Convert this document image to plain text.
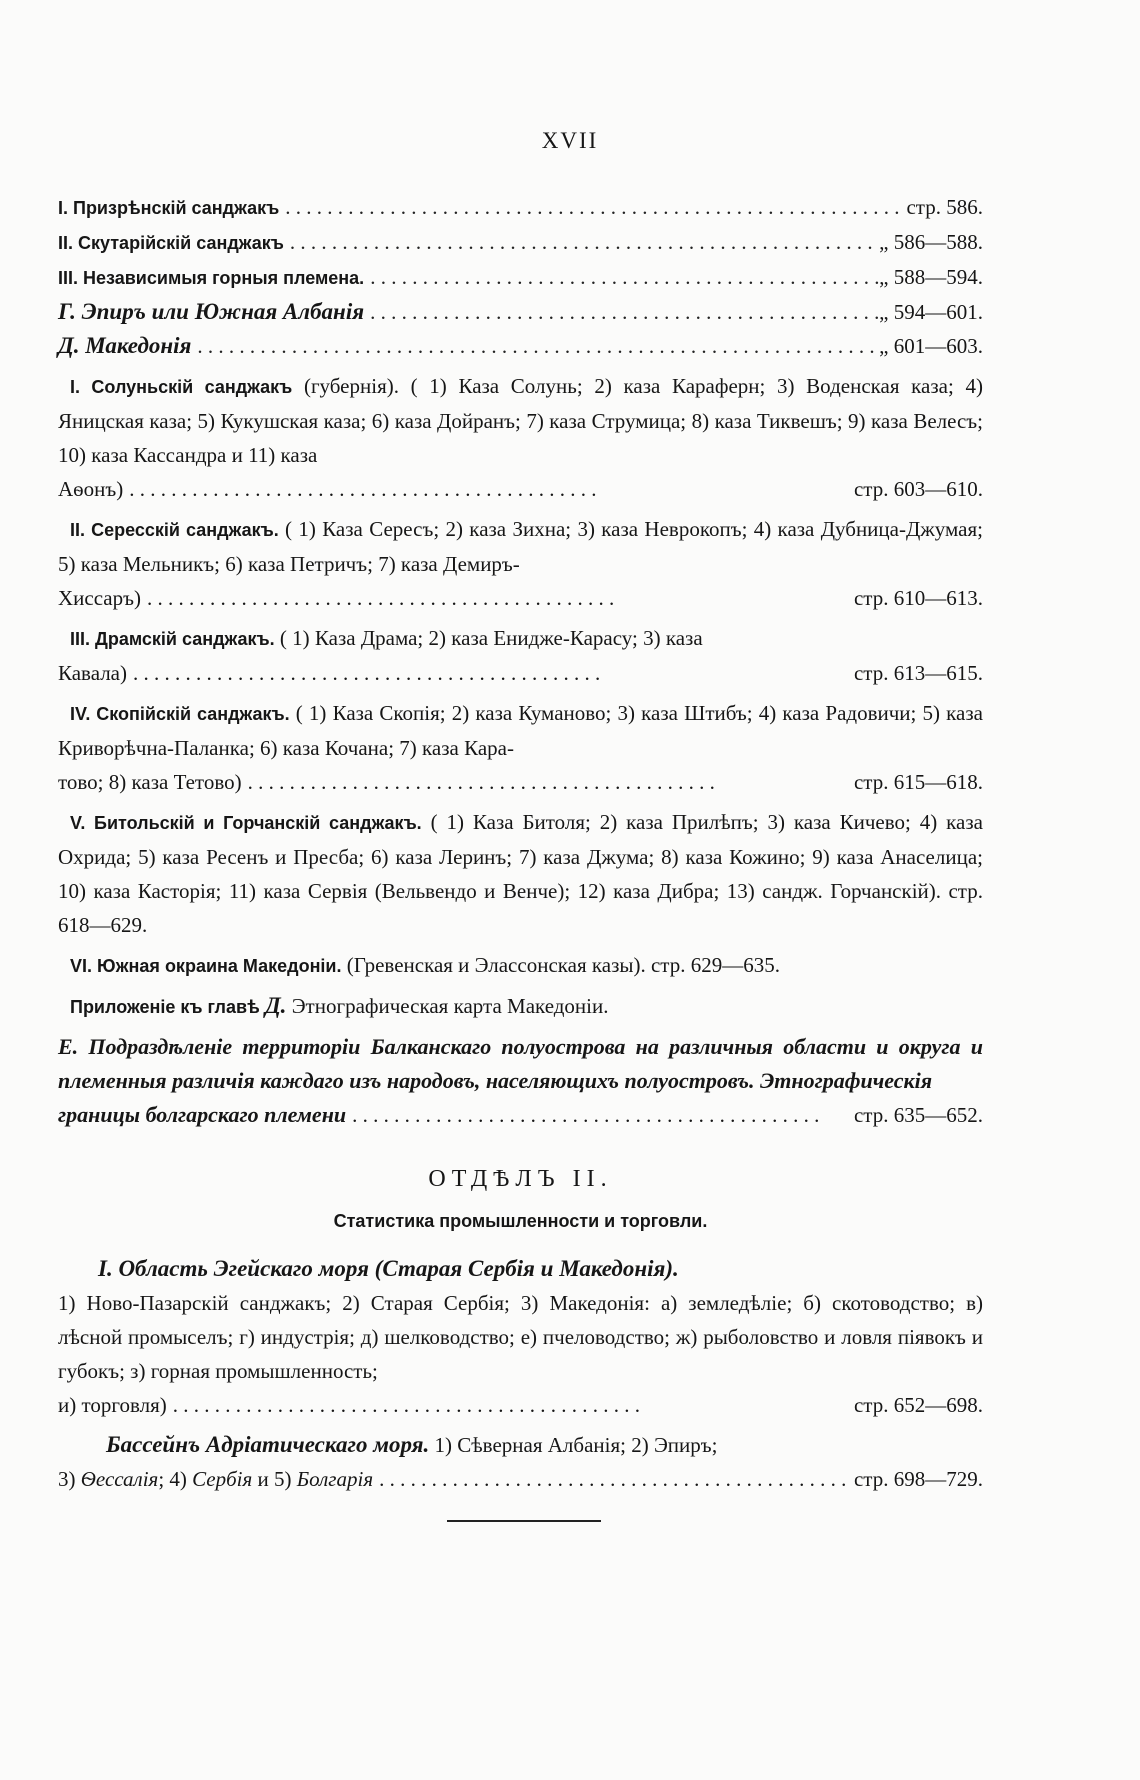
XVII
I. Призрѣнскій санджакъ . . .	стр. 586.
II. Скутарійскій санджакъ . . .	„ 586—588.
III. Независимыя горныя племена. . . .	„ 588—594.
Г. Эпиръ или Южная Албанія . . .	„ 594—601.
Д. Македонія . . .	„ 601—603.
I. Солуньскій санджакъ (губернія). ( 1) Каза Солунь; 2) каза Караферн; 3) Воденская каза; 4) Яницская каза; 5) Кукушская каза; 6) каза Дойранъ; 7) каза Струмица; 8) каза Тиквешъ; 9) каза Велесъ; 10) каза Кассандра и 11) каза
Аѳонъ) . . . . . . . . . . . . . . . . . . . . . . . . . . . . . . . . . . . . . . . . . . . . .	стр. 603—610.
II. Сересскій санджакъ. ( 1) Каза Сересъ; 2) каза Зихна; 3) каза Неврокопъ; 4) каза Дубница-Джумая; 5) каза Мельникъ; 6) каза Петричъ; 7) каза Демиръ-
Хиссаръ) . . . . . . . . . . . . . . . . . . . . . . . . . . . . . . . . . . . . . . . . . . . . .	стр. 610—613.
III. Драмскій санджакъ. ( 1) Каза Драма; 2) каза Енидже-Карасу; 3) каза
Кавала) . . . . . . . . . . . . . . . . . . . . . . . . . . . . . . . . . . . . . . . . . . . . .	стр. 613—615.
IV. Скопійскій санджакъ. ( 1) Каза Скопія; 2) каза Куманово; 3) каза Штибъ; 4) каза Радовичи; 5) каза Криворѣчна-Паланка; 6) каза Кочана; 7) каза Кара-
тово; 8) каза Тетово) . . . . . . . . . . . . . . . . . . . . . . . . . . . . . . . . . . . . . . . . . . . . .	стр. 615—618.
V. Битольскій и Горчанскій санджакъ. ( 1) Каза Битоля; 2) каза Прилѣпъ; 3) каза Кичево; 4) каза Охрида; 5) каза Ресенъ и Пресба; 6) каза Леринъ; 7) каза Джума; 8) каза Кожино; 9) каза Анаселица; 10) каза Касторія; 11) каза Сервія (Вельвендо и Венче); 12) каза Дибра; 13) сандж. Горчанскій). стр. 618—629.
VI. Южная окраина Македоніи. (Гревенская и Элассонская казы). стр. 629—635.
Приложеніе къ главѣ Д. Этнографическая карта Македоніи.
Е. Подраздѣленіе территоріи Балканскаго полуострова на различныя области и округа и племенныя различія каждаго изъ народовъ, населяющихъ полуостровъ. Этнографическія
границы болгарскаго племени . . . . . . . . . . . . . . . . . . . . . . . . . . . . . . . . . . . . . . . . . . . . .	стр. 635—652.
ОТДѢЛЪ II.
Статистика промышленности и торговли.
I. Область Эгейскаго моря (Старая Сербія и Македонія).
1) Ново-Пазарскій санджакъ; 2) Старая Сербія; 3) Македонія: а) земледѣліе; б) скотоводство; в) лѣсной промыселъ; г) индустрія; д) шелководство; е) пчеловодство; ж) рыболовство и ловля піявокъ и губокъ; з) горная промышленность;
и) торговля) . . . . . . . . . . . . . . . . . . . . . . . . . . . . . . . . . . . . . . . . . . . . .	стр. 652—698.
Бассейнъ Адріатическаго моря. 1) Сѣверная Албанія; 2) Эпиръ;
3) Ѳессалія; 4) Сербія и 5) Болгарія . . . . . . . . . . . . . . . . . . . . . . . . . . . . . . . . . . . . . . . . . . . . . стр. 698—729.
